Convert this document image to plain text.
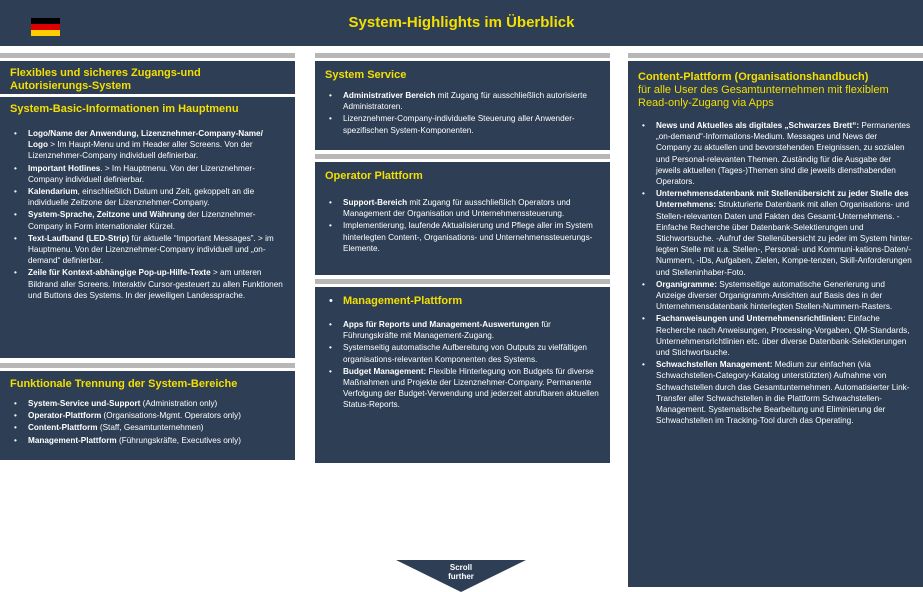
System-Highlights im Überblick
Flexibles und sicheres Zugangs-und Autorisierungs-System
System-Basic-Informationen im Hauptmenu
• Logo/Name der Anwendung, Lizenznehmer-Company-Name/ Logo > Im Haupt-Menu und im Header aller Screens. Von der Lizenznehmer-Company individuell definierbar.
• Important Hotlines. > Im Hauptmenu. Von der Lizenznehmer-Company individuell definierbar.
• Kalendarium, einschließlich Datum und Zeit, gekoppelt an die individuelle Zeitzone der Lizenznehmer-Company.
• System-Sprache, Zeitzone und Währung der Lizenznehmer-Company in Form internationaler Kürzel.
• Text-Laufband (LED-Strip) für aktuelle “Important Messages”. > im Hauptmenu. Von der Lizenznehmer-Company individuell und „on-demand“ definierbar.
• Zeile für Kontext-abhängige Pop-up-Hilfe-Texte > am unteren Bildrand aller Screens. Interaktiv Cursor-gesteuert zu allen Funktionen und Buttons des Systems. In der jeweiligen Landessprache.
Funktionale Trennung der System-Bereiche
• System-Service und-Support (Administration only)
• Operator-Plattform (Organisations-Mgmt. Operators only)
• Content-Plattform (Staff, Gesamtunternehmen)
• Management-Plattform (Führungskräfte, Executives only)
System Service
• Administrativer Bereich mit Zugang für ausschließlich autorisierte Administratoren.
• Lizenznehmer-Company-individuelle Steuerung aller Anwender-spezifischen System-Komponenten.
Operator Plattform
• Support-Bereich mit Zugang für ausschließlich Operators und Management der Organisation und Unternehmenssteuerung.
• Implementierung, laufende Aktualisierung und Pflege aller im System hinterlegten Content-, Organisations- und Unternehmenssteuerungs-Elemente.
• Management-Plattform
• Apps für Reports und Management-Auswertungen für Führungskräfte mit Management-Zugang.
• Systemseitig automatische Aufbereitung von Outputs zu vielfältigen organisations-relevanten Komponenten des Systems.
• Budget Management: Flexible Hinterlegung von Budgets für diverse Maßnahmen und Projekte der Lizenznehmer-Company. Permanente Verfolgung der Budget-Verwendung und jederzeit abrufbaren aktuellen Status-Reports.
Content-Plattform (Organisationshandbuch)
für alle User des Gesamtunternehmen mit flexiblem Read-only-Zugang via Apps
• News und Aktuelles als digitales „Schwarzes Brett“: Permanentes „on-demand“-Informations-Medium. Messages und News der Company zu aktuellen und bevorstehenden Ereignissen, zu sozialen und Personal-relevanten Themen. Zuständig für die Ausgabe der jeweils aktuellen (Tages-)Themen sind die jeweils diensthabenden Operators.
• Unternehmensdatenbank mit Stellenübersicht zu jeder Stelle des Unternehmens: Strukturierte Datenbank mit allen Organisations- und Stellen-relevanten Daten und Fakten des Gesamt-Unternehmens. -Einfache Recherche über Datenbank-Selektierungen und Stichwortsuche. -Aufruf der Stellenübersicht zu jeder im System hinter-legten Stelle mit u.a. Stellen-, Personal- und Kommuni-kations-Daten/-Nummern, -IDs, Aufgaben, Zielen, Kompe-tenzen, Skill-Anforderungen und Stelleninhaber-Foto.
• Organigramme: Systemseitige automatische Generierung und Anzeige diverser Organigramm-Ansichten auf Basis des in der Unternehmensdatenbank hinterlegten Stellen-Nummern-Rasters.
• Fachanweisungen und Unternehmensrichtlinien: Einfache Recherche nach Anweisungen, Processing-Vorgaben, QM-Standards, Unternehmensrichtlinien etc. über diverse Datenbank-Selektierungen und Stichwortsuche.
• Schwachstellen Management: Medium zur einfachen (via Schwachstellen-Category-Katalog unterstützten) Aufnahme von Schwachstellen durch das Gesamtunternehmen. Automatisierter Link-Transfer aller Schwachstellen in die Plattform Schwachstellen-Management. Systematische Bearbeitung und Eliminierung der Schwachstellen im Tracking-Tool durch das Operating.
Scroll
further
